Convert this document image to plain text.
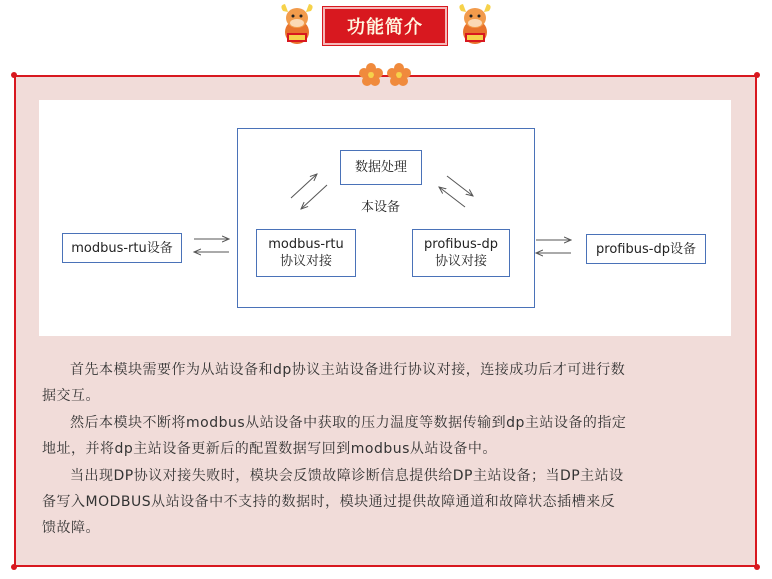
功能简介
数据处理
本设备
modbus-rtu
协议对接
profibus-dp
协议对接
modbus-rtu设备	profibus-dp设备
首先本模块需要作为从站设备和dp协议主站设备进行协议对接，连接成功后才可进行数
据交互。
然后本模块不断将modbus从站设备中获取的压力温度等数据传输到dp主站设备的指定
地址，并将dp主站设备更新后的配置数据写回到modbus从站设备中。
当出现DP协议对接失败时，模块会反馈故障诊断信息提供给DP主站设备；当DP主站设
备写入MODBUS从站设备中不支持的数据时，模块通过提供故障通道和故障状态插槽来反
馈故障。
